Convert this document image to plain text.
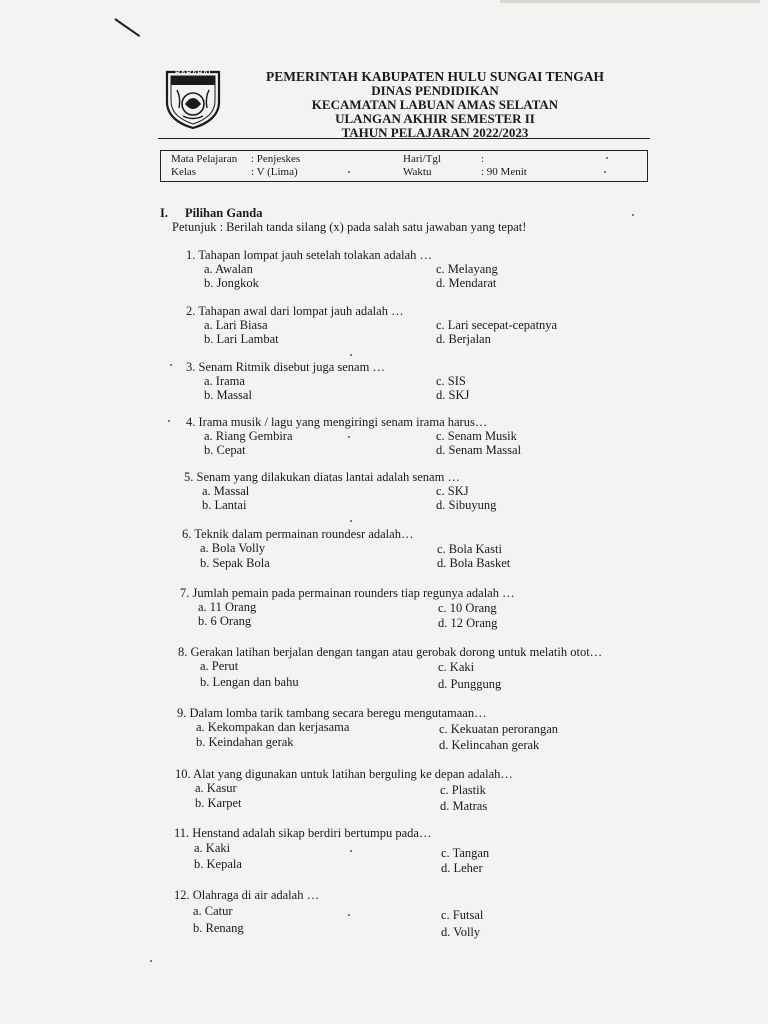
BARABAI	PEMERINTAH KABUPATEN HULU SUNGAI TENGAH
DINAS PENDIDIKAN
KECAMATAN LABUAN AMAS SELATAN
ULANGAN AKHIR SEMESTER II
TAHUN PELAJARAN 2022/2023
Mata Pelajaran : Penjeskes
Kelas	: V (Lima)
Hari/Tgl	:
Waktu	: 90 Menit
I. Pilihan Ganda
Petunjuk : Berilah tanda silang (x) pada salah satu jawaban yang tepat!
1. Tahapan lompat jauh setelah tolakan adalah …
a. Awalan
b. Jongkok
c. Melayang
d. Mendarat
2. Tahapan awal dari lompat jauh adalah …
a. Lari Biasa
b. Lari Lambat
c. Lari secepat-cepatnya
d. Berjalan
3. Senam Ritmik disebut juga senam …
a. Irama
b. Massal
c. SIS
d. SKJ
4. Irama musik / lagu yang mengiringi senam irama harus…
a. Riang Gembira
b. Cepat
c. Senam Musik
d. Senam Massal
5. Senam yang dilakukan diatas lantai adalah senam …
a. Massal
b. Lantai
c. SKJ
d. Sibuyung
6. Teknik dalam permainan roundesr adalah…
a. Bola Volly
b. Sepak Bola
c. Bola Kasti
d. Bola Basket
7. Jumlah pemain pada permainan rounders tiap regunya adalah …
a. 11 Orang
b. 6 Orang
c. 10 Orang
d. 12 Orang
8. Gerakan latihan berjalan dengan tangan atau gerobak dorong untuk melatih otot…
a. Perut
b. Lengan dan bahu
c. Kaki
d. Punggung
9. Dalam lomba tarik tambang secara beregu mengutamaan…
a. Kekompakan dan kerjasama
b. Keindahan gerak
c. Kekuatan perorangan
d. Kelincahan gerak
10. Alat yang digunakan untuk latihan berguling ke depan adalah…
a. Kasur
b. Karpet
c. Plastik
d. Matras
11. Henstand adalah sikap berdiri bertumpu pada…
a. Kaki
b. Kepala
c. Tangan
d. Leher
12. Olahraga di air adalah …
a. Catur
b. Renang
c. Futsal
d. Volly
